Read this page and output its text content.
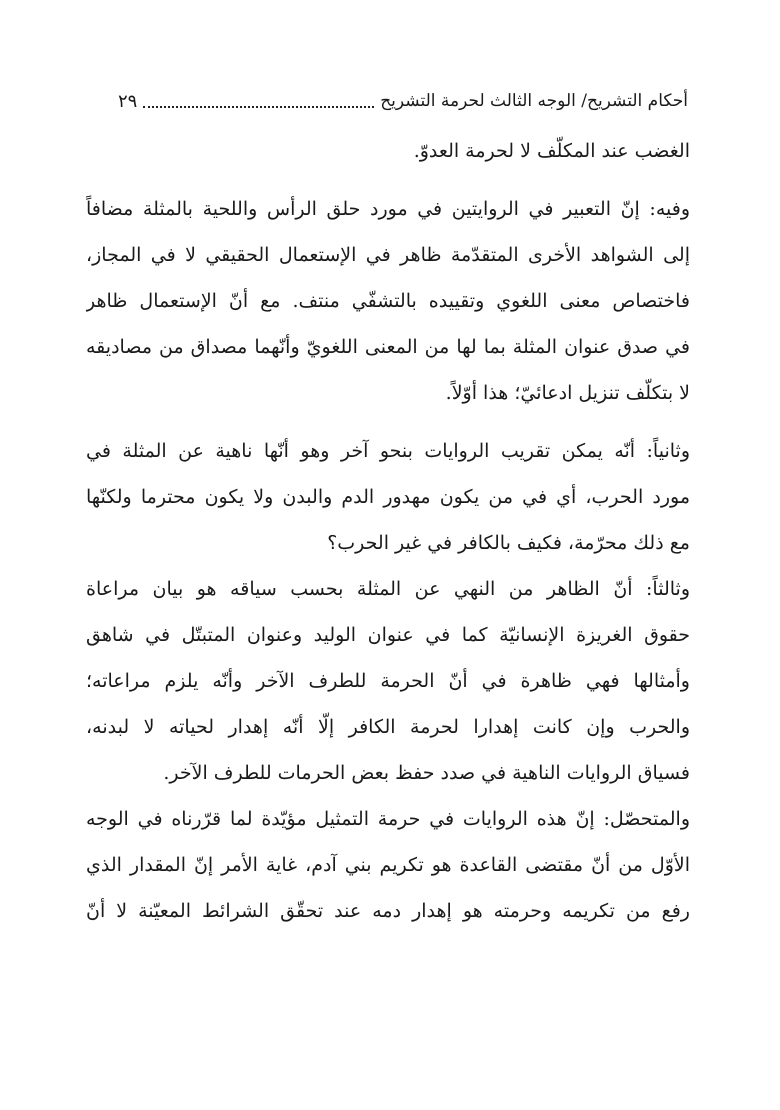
أحكام التشريح/ الوجه الثالث لحرمة التشريح
٢٩
الغضب عند المكلّف لا لحرمة العدوّ.
وفيه: إنّ التعبير في الروايتين في مورد حلق الرأس واللحية بالمثلة مضافاً
إلى الشواهد الأخرى المتقدّمة ظاهر في الإستعمال الحقيقي لا في المجاز،
فاختصاص معنى اللغوي وتقييده بالتشفّي منتف. مع أنّ الإستعمال ظاهر
في صدق عنوان المثلة بما لها من المعنى اللغويّ وأنّهما مصداق من مصاديقه
لا بتكلّف تنزيل ادعائيّ؛ هذا أوّلاً.
وثانياً: أنّه يمكن تقريب الروايات بنحو آخر وهو أنّها ناهية عن المثلة في
مورد الحرب، أي في من يكون مهدور الدم والبدن ولا يكون محترما ولكنّها
مع ذلك محرّمة، فكيف بالكافر في غير الحرب؟
وثالثاً: أنّ الظاهر من النهي عن المثلة بحسب سياقه هو بيان مراعاة
حقوق الغريزة الإنسانيّة كما في عنوان الوليد وعنوان المتبتّل في شاهق
وأمثالها فهي ظاهرة في أنّ الحرمة للطرف الآخر وأنّه يلزم مراعاته؛
والحرب وإن كانت إهدارا لحرمة الكافر إلّا أنّه إهدار لحياته لا لبدنه،
فسياق الروايات الناهية في صدد حفظ بعض الحرمات للطرف الآخر.
والمتحصّل: إنّ هذه الروايات في حرمة التمثيل مؤيّدة لما قرّرناه في الوجه
الأوّل من أنّ مقتضى القاعدة هو تكريم بني آدم، غاية الأمر إنّ المقدار الذي
رفع من تكريمه وحرمته هو إهدار دمه عند تحقّق الشرائط المعيّنة لا أنّ
